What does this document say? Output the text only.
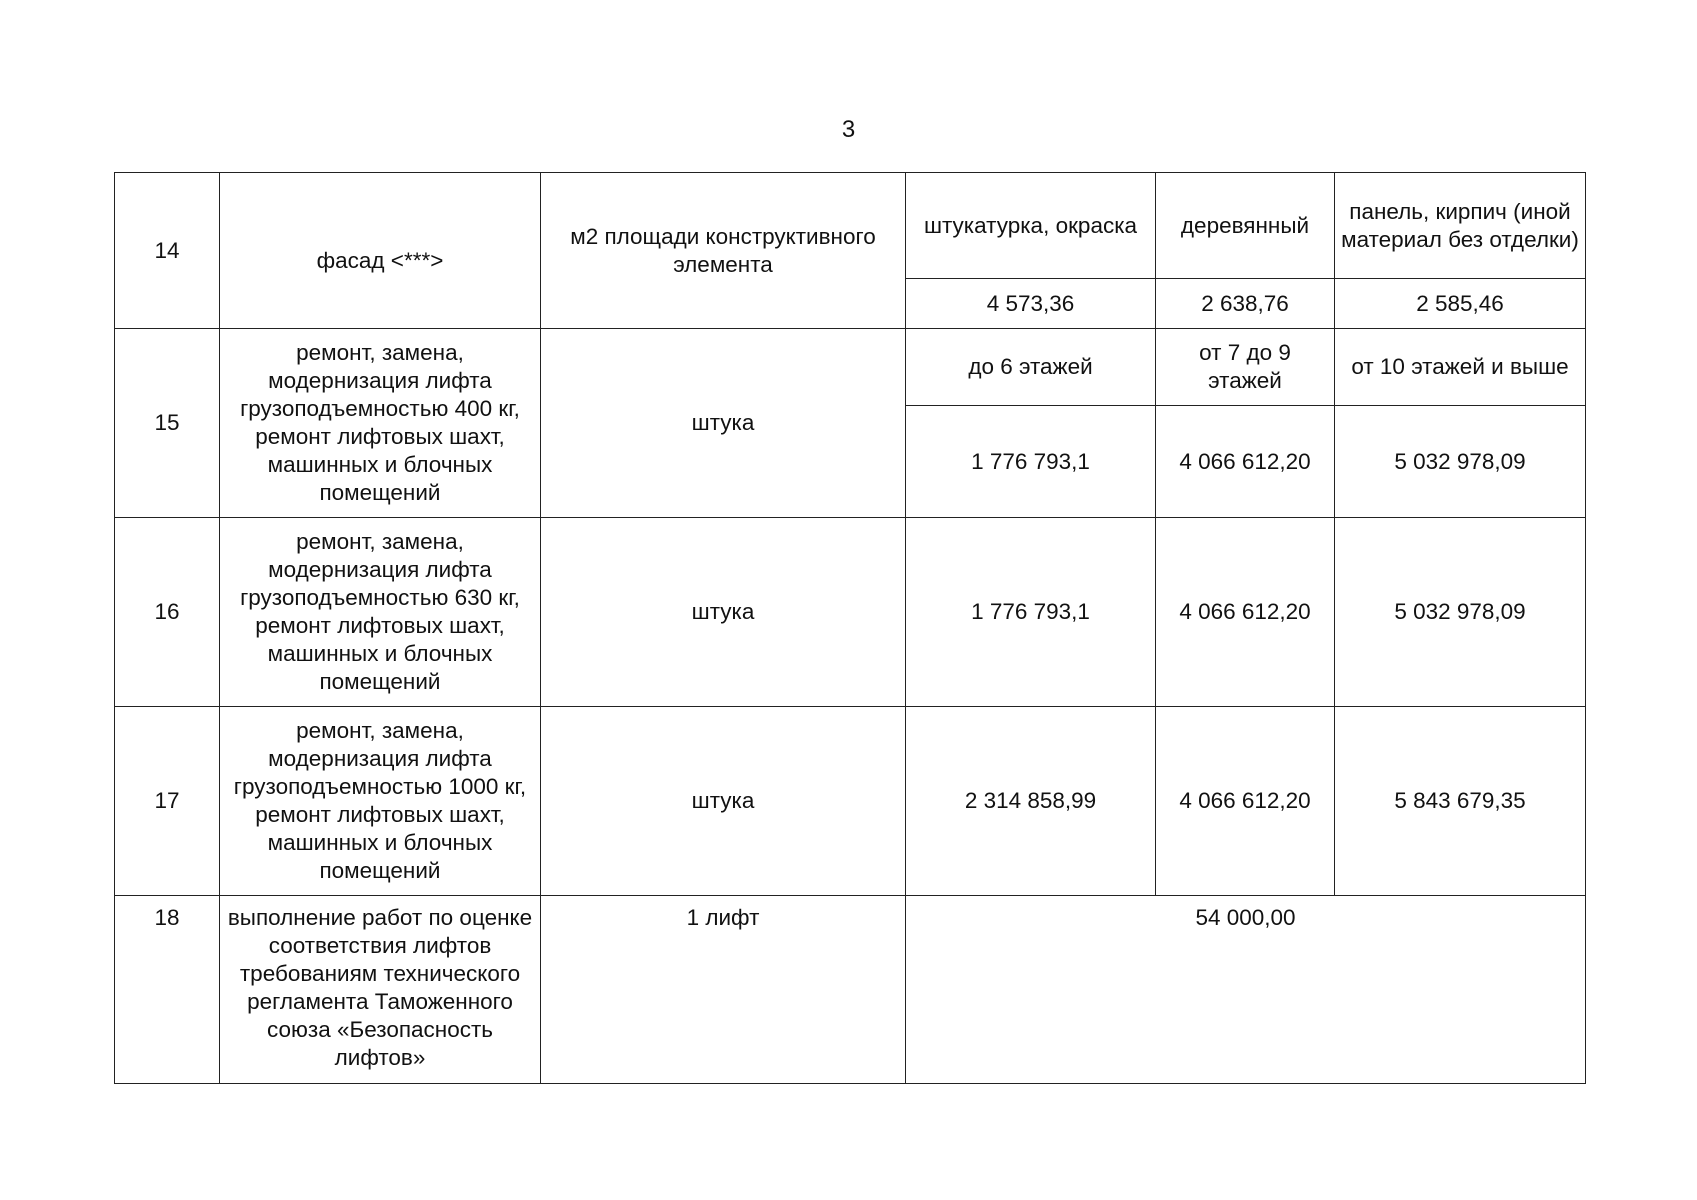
3
14	фасад <***>	м2 площади конструктивного элемента	штукатурка, окраска	деревянный	панель, кирпич (иной материал без отделки)
			4 573,36	2 638,76	2 585,46
15	ремонт, замена, модернизация лифта грузоподъемностью 400 кг, ремонт лифтовых шахт, машинных и блочных помещений	штука	до 6 этажей	от 7 до 9 этажей	от 10 этажей и выше
			1 776 793,1	4 066 612,20	5 032 978,09
16	ремонт, замена, модернизация лифта грузоподъемностью 630 кг, ремонт лифтовых шахт, машинных и блочных помещений	штука	1 776 793,1	4 066 612,20	5 032 978,09
17	ремонт, замена, модернизация лифта грузоподъемностью 1000 кг, ремонт лифтовых шахт, машинных и блочных помещений	штука	2 314 858,99	4 066 612,20	5 843 679,35
18	выполнение работ по оценке соответствия лифтов требованиям технического регламента Таможенного союза «Безопасность лифтов»	1 лифт	54 000,00		
